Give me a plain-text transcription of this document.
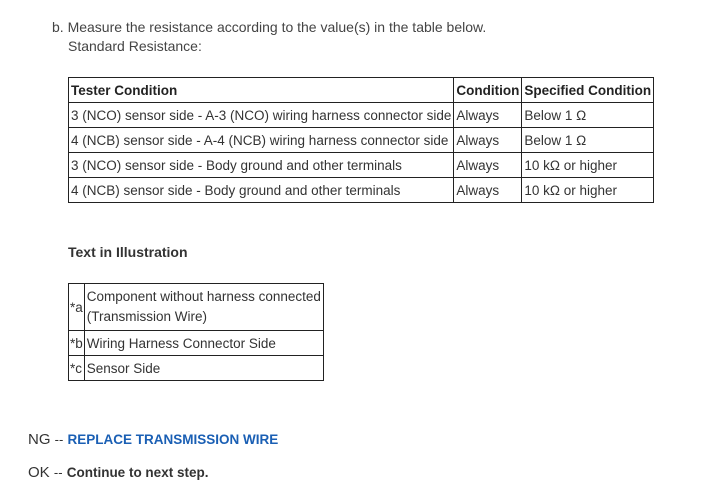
b. Measure the resistance according to the value(s) in the table below.
Standard Resistance:
Tester Condition	Condition	Specified Condition
3 (NCO) sensor side - A-3 (NCO) wiring harness connector side	Always	Below 1 Ω
4 (NCB) sensor side - A-4 (NCB) wiring harness connector side	Always	Below 1 Ω
3 (NCO) sensor side - Body ground and other terminals	Always	10 kΩ or higher
4 (NCB) sensor side - Body ground and other terminals	Always	10 kΩ or higher
Text in Illustration
*a	Component without harness connected
(Transmission Wire)
*b	Wiring Harness Connector Side
*c	Sensor Side
NG -- REPLACE TRANSMISSION WIRE
OK -- Continue to next step.
